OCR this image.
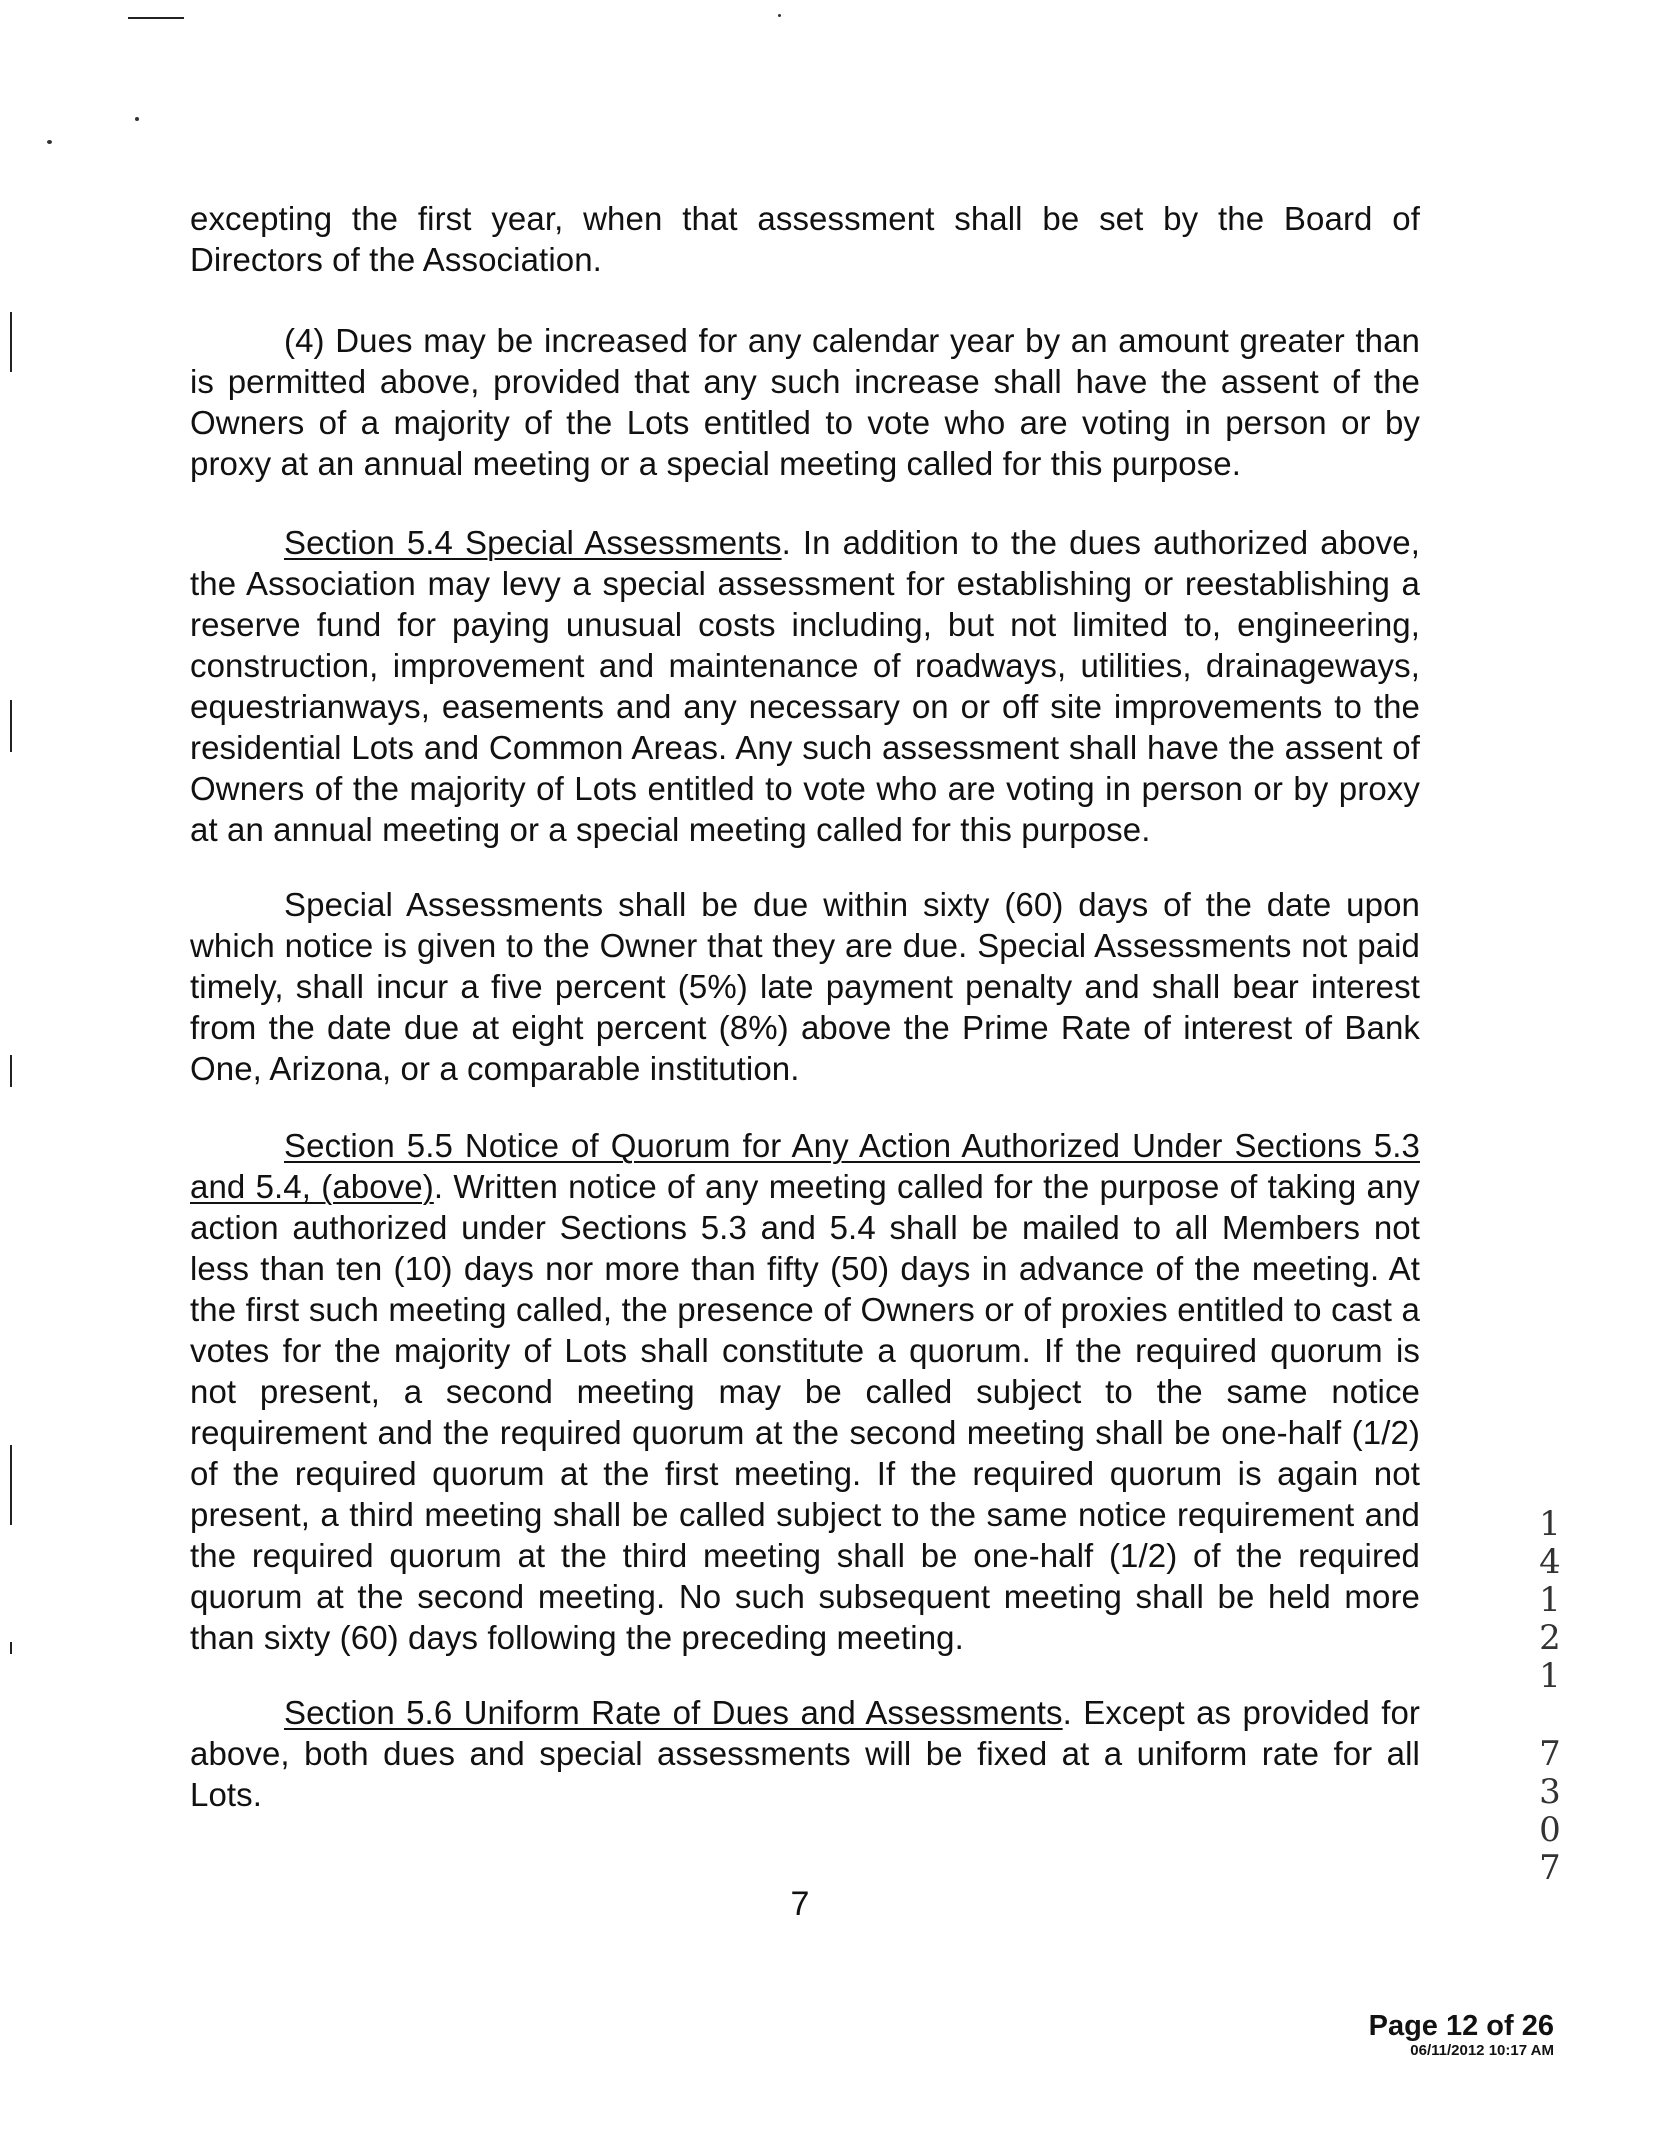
excepting the first year, when that assessment shall be set by the Board of Directors of the Association.

(4) Dues may be increased for any calendar year by an amount greater than is permitted above, provided that any such increase shall have the assent of the Owners of a majority of the Lots entitled to vote who are voting in person or by proxy at an annual meeting or a special meeting called for this purpose.

Section 5.4 Special Assessments. In addition to the dues authorized above, the Association may levy a special assessment for establishing or reestablishing a reserve fund for paying unusual costs including, but not limited to, engineering, construction, improvement and maintenance of roadways, utilities, drainageways, equestrianways, easements and any necessary on or off site improvements to the residential Lots and Common Areas. Any such assessment shall have the assent of Owners of the majority of Lots entitled to vote who are voting in person or by proxy at an annual meeting or a special meeting called for this purpose.

Special Assessments shall be due within sixty (60) days of the date upon which notice is given to the Owner that they are due. Special Assessments not paid timely, shall incur a five percent (5%) late payment penalty and shall bear interest from the date due at eight percent (8%) above the Prime Rate of interest of Bank One, Arizona, or a comparable institution.

Section 5.5 Notice of Quorum for Any Action Authorized Under Sections 5.3 and 5.4, (above). Written notice of any meeting called for the purpose of taking any action authorized under Sections 5.3 and 5.4 shall be mailed to all Members not less than ten (10) days nor more than fifty (50) days in advance of the meeting. At the first such meeting called, the presence of Owners or of proxies entitled to cast a votes for the majority of Lots shall constitute a quorum. If the required quorum is not present, a second meeting may be called subject to the same notice requirement and the required quorum at the second meeting shall be one-half (1/2) of the required quorum at the first meeting. If the required quorum is again not present, a third meeting shall be called subject to the same notice requirement and the required quorum at the third meeting shall be one-half (1/2) of the required quorum at the second meeting. No such subsequent meeting shall be held more than sixty (60) days following the preceding meeting.

Section 5.6 Uniform Rate of Dues and Assessments. Except as provided for above, both dues and special assessments will be fixed at a uniform rate for all Lots.

7
1
4
1
2
1
7
3
0
7
Page 12 of 26
06/11/2012 10:17 AM
